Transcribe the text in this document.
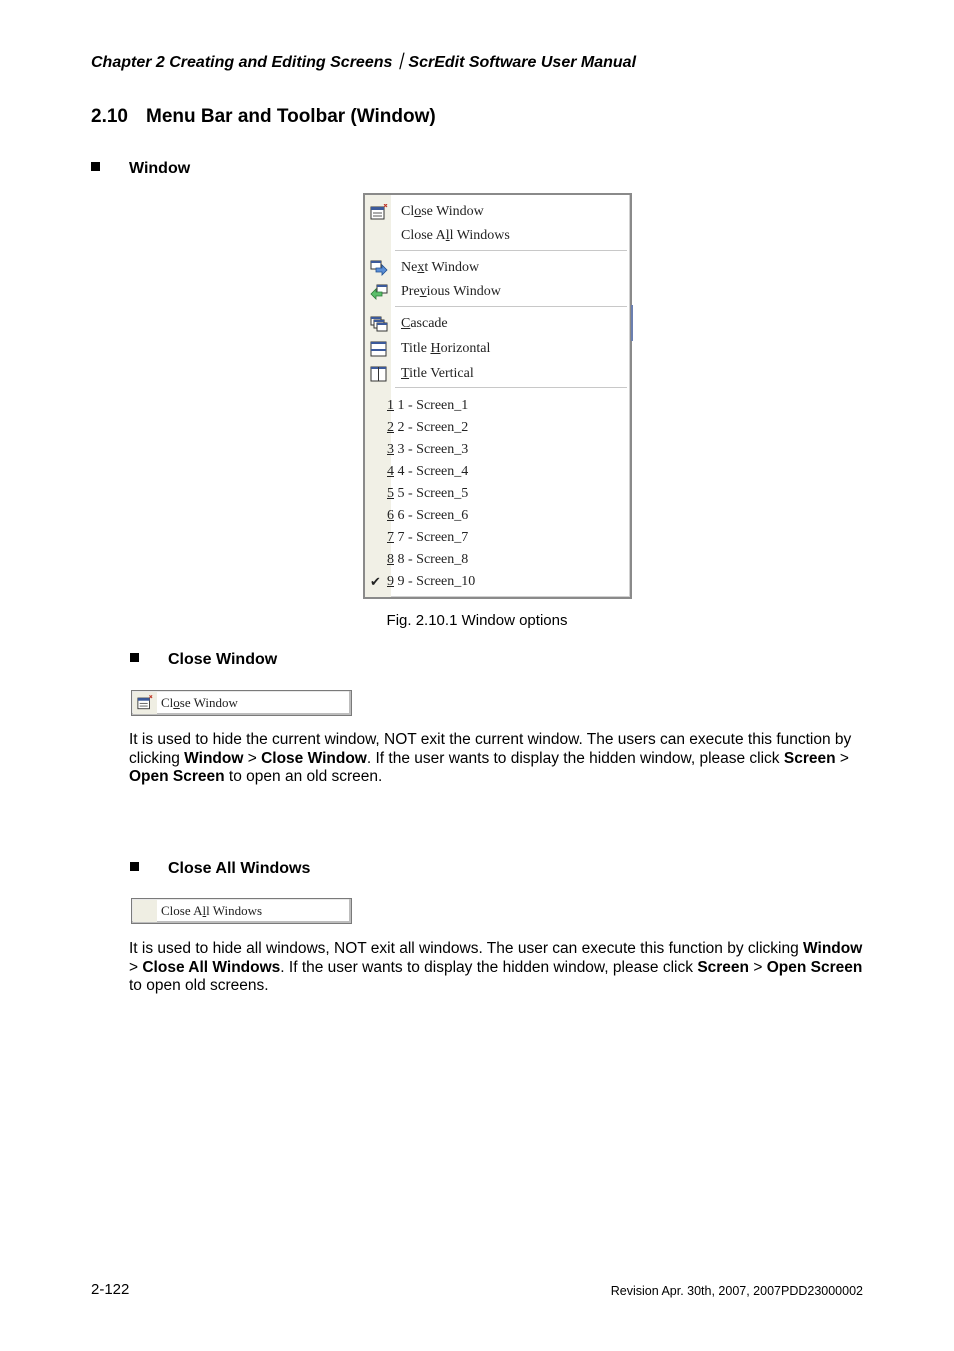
Chapter 2 Creating and Editing Screens｜ScrEdit Software User Manual
2.10 Menu Bar and Toolbar (Window)
Window
Close Window
Close All Windows
Next Window
Previous Window
Cascade
Title Horizontal
Title Vertical
1 1 - Screen_1
2 2 - Screen_2
3 3 - Screen_3
4 4 - Screen_4
5 5 - Screen_5
6 6 - Screen_6
7 7 - Screen_7
8 8 - Screen_8
✔ 9 9 - Screen_10
Fig. 2.10.1 Window options
Close Window
Close Window
It is used to hide the current window, NOT exit the current window. The users can execute this function by clicking Window > Close Window. If the user wants to display the hidden window, please click Screen > Open Screen to open an old screen.
Close All Windows
Close All Windows
It is used to hide all windows, NOT exit all windows. The user can execute this function by clicking Window > Close All Windows. If the user wants to display the hidden window, please click Screen > Open Screen to open old screens.
2-122	Revision Apr. 30th, 2007, 2007PDD23000002
